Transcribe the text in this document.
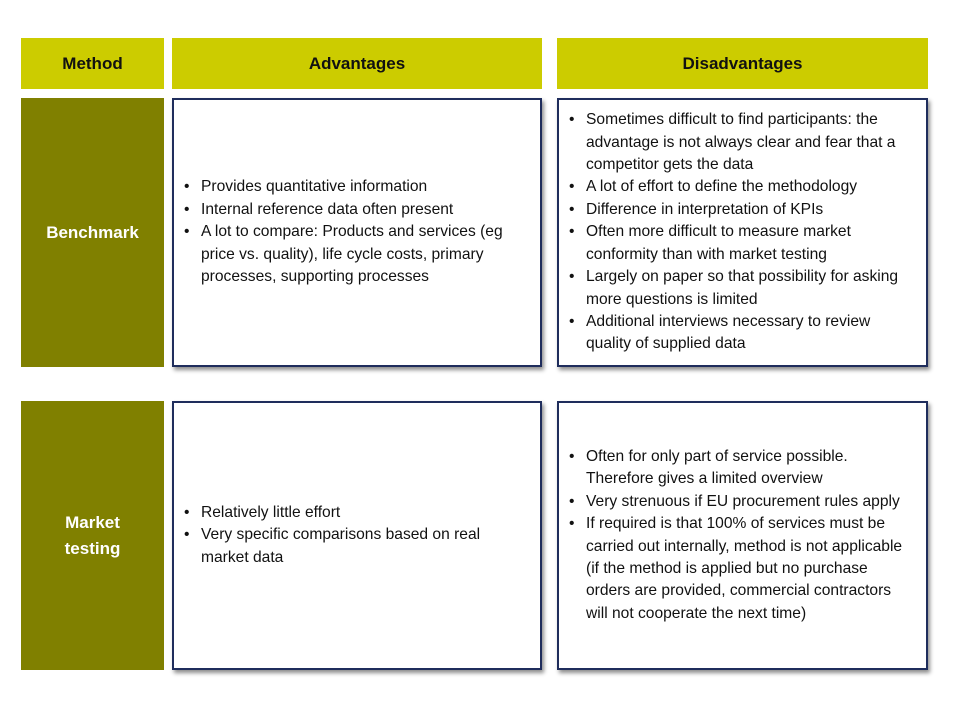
Method	Advantages	Disadvantages
Benchmark
• Provides quantitative information
• Internal reference data often present
• A lot to compare: Products and services (eg price vs. quality), life cycle costs, primary processes, supporting processes
• Sometimes difficult to find participants: the advantage is not always clear and fear that a competitor gets the data
• A lot of effort to define the methodology
• Difference in interpretation of KPIs
• Often more difficult to measure market conformity than with market testing
• Largely on paper so that possibility for asking more questions is limited
• Additional interviews necessary to review quality of supplied data
Market testing
• Relatively little effort
• Very specific comparisons based on real market data
• Often for only part of service possible. Therefore gives a limited overview
• Very strenuous if EU procurement rules apply
• If required is that 100% of services must be carried out internally, method is not applicable (if the method is applied but no purchase orders are provided, commercial contractors will not cooperate the next time)
